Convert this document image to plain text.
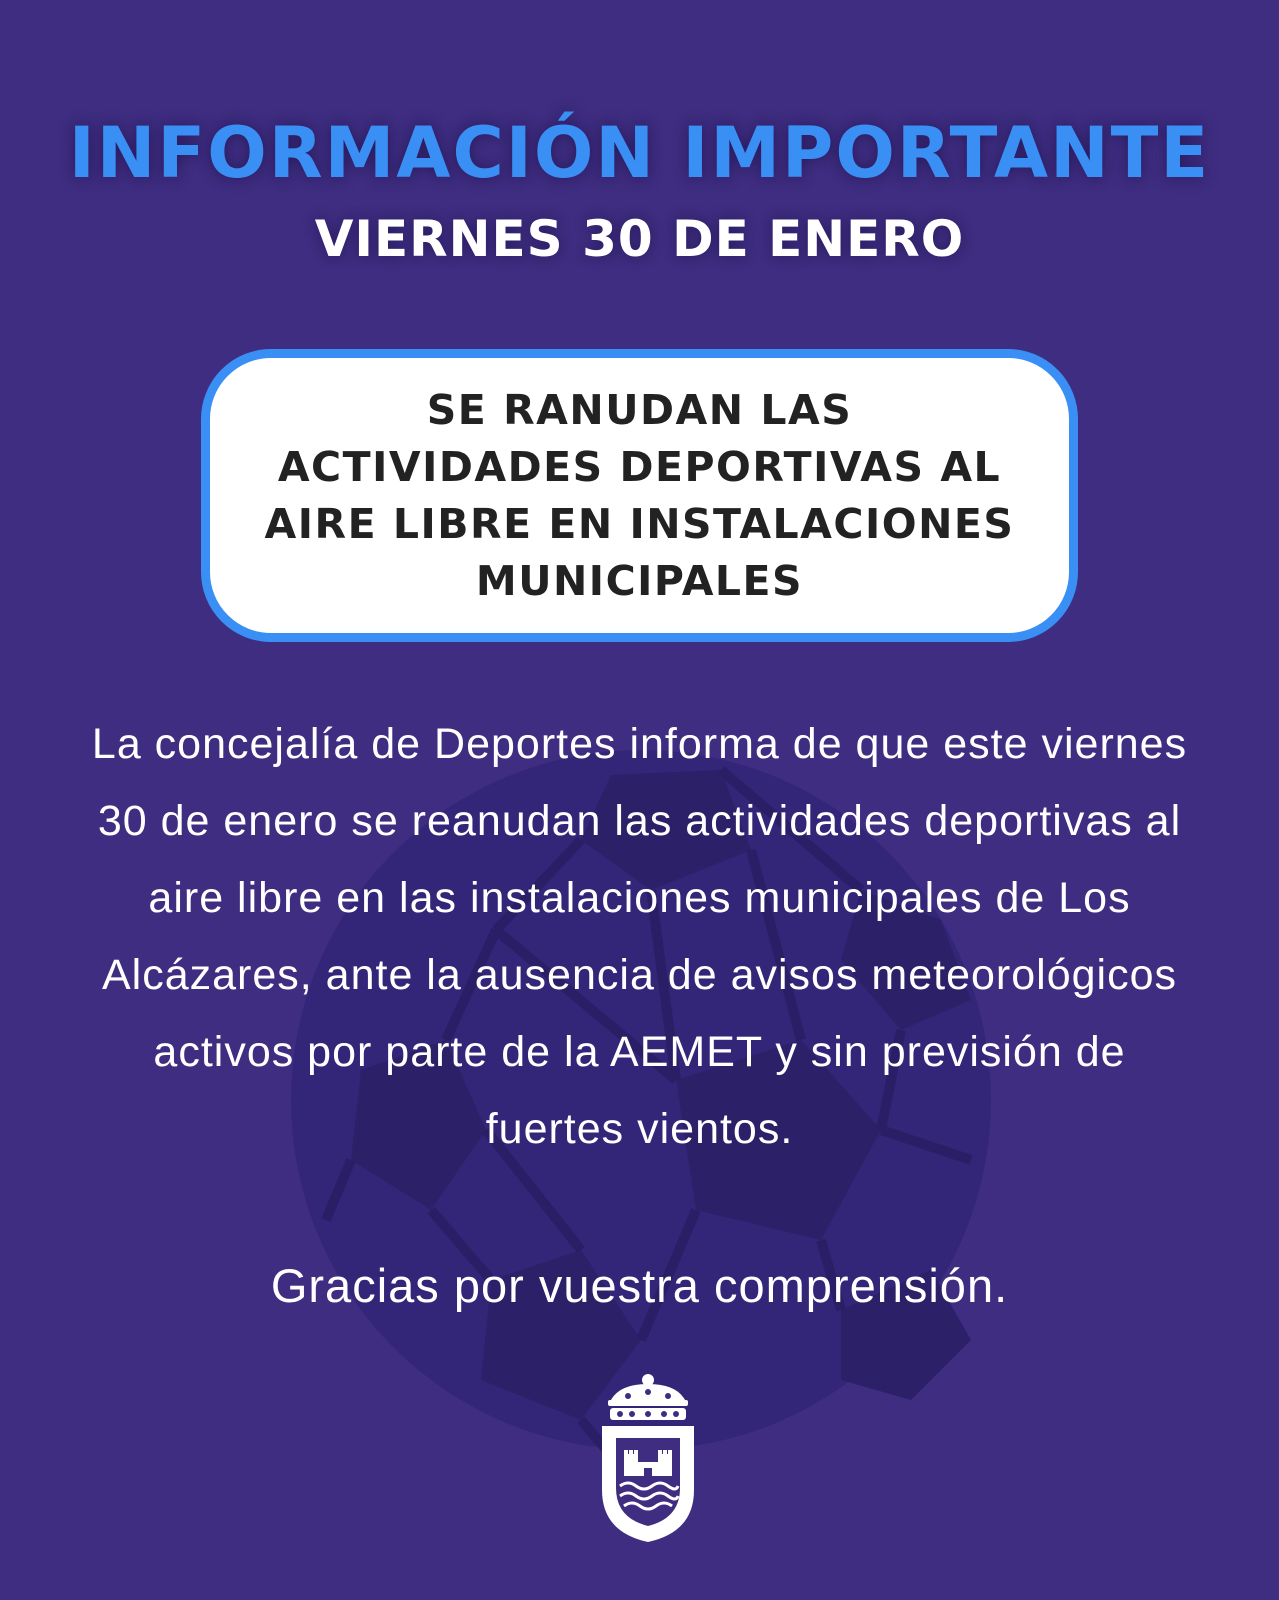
INFORMACIÓN IMPORTANTE
VIERNES 30 DE ENERO
SE RANUDAN LAS ACTIVIDADES DEPORTIVAS AL AIRE LIBRE EN INSTALACIONES MUNICIPALES
La concejalía de Deportes informa de que este viernes 30 de enero se reanudan las actividades deportivas al aire libre en las instalaciones municipales de Los Alcázares, ante la ausencia de avisos meteorológicos activos por parte de la AEMET y sin previsión de fuertes vientos.
Gracias por vuestra comprensión.
